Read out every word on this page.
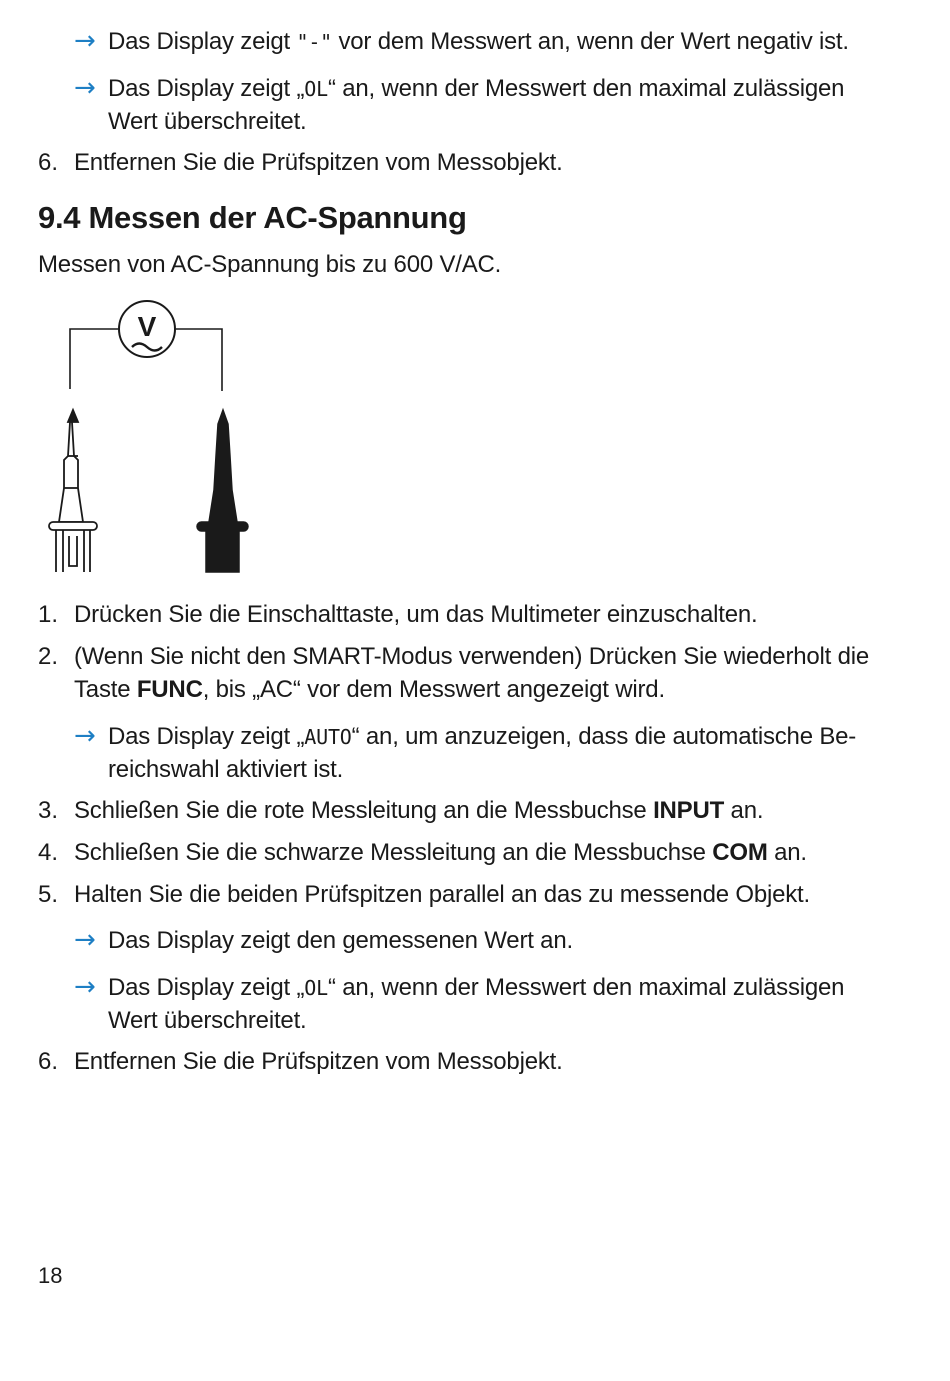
→ Das Display zeigt "-" vor dem Messwert an, wenn der Wert negativ ist.
→ Das Display zeigt „OL“ an, wenn der Messwert den maximal zulässigen
Wert überschreitet.
6. Entfernen Sie die Prüfspitzen vom Messobjekt.
9.4 Messen der AC-Spannung
Messen von AC-Spannung bis zu 600 V/AC.
V
1. Drücken Sie die Einschalttaste, um das Multimeter einzuschalten.
2. (Wenn Sie nicht den SMART-Modus verwenden) Drücken Sie wiederholt die
Taste FUNC, bis „AC“ vor dem Messwert angezeigt wird.
→ Das Display zeigt „AUTO“ an, um anzuzeigen, dass die automatische Be-
reichswahl aktiviert ist.
3. Schließen Sie die rote Messleitung an die Messbuchse INPUT an.
4. Schließen Sie die schwarze Messleitung an die Messbuchse COM an.
5. Halten Sie die beiden Prüfspitzen parallel an das zu messende Objekt.
→ Das Display zeigt den gemessenen Wert an.
→ Das Display zeigt „OL“ an, wenn der Messwert den maximal zulässigen
Wert überschreitet.
6. Entfernen Sie die Prüfspitzen vom Messobjekt.
18
